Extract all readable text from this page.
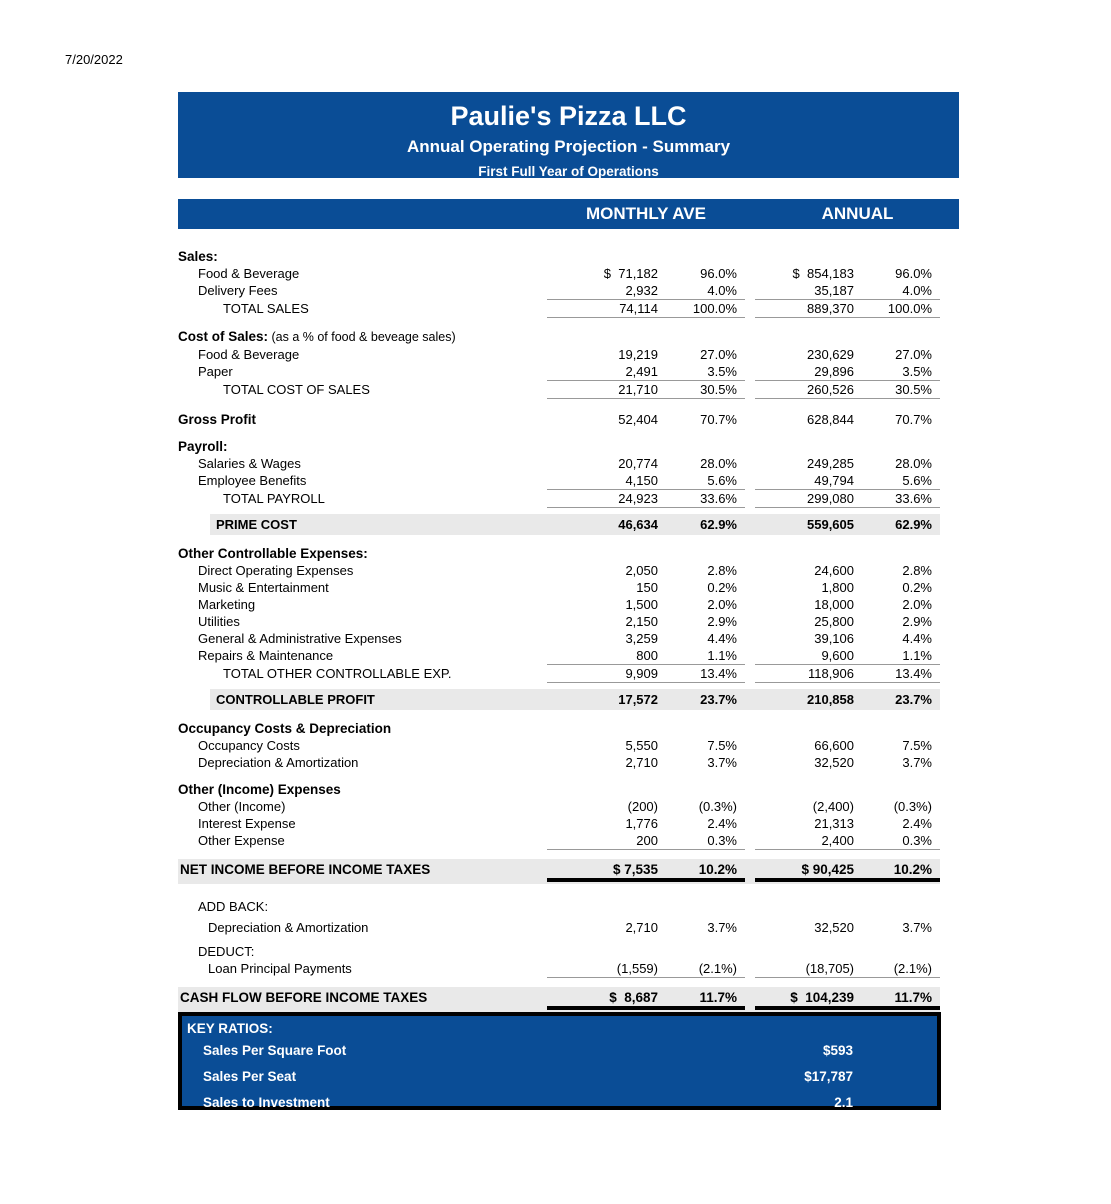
7/20/2022
Paulie's Pizza LLC
Annual Operating Projection - Summary
First Full Year of Operations
MONTHLY AVE	ANNUAL
Sales:
Food & Beverage	$  71,182	96.0%	$  854,183	96.0%
Delivery Fees	2,932	4.0%	35,187	4.0%
TOTAL SALES	74,114	100.0%	889,370	100.0%
Cost of Sales: (as a % of food & beveage sales)
Food & Beverage	19,219	27.0%	230,629	27.0%
Paper	2,491	3.5%	29,896	3.5%
TOTAL COST OF SALES	21,710	30.5%	260,526	30.5%
Gross Profit	52,404	70.7%	628,844	70.7%
Payroll:
Salaries & Wages	20,774	28.0%	249,285	28.0%
Employee Benefits	4,150	5.6%	49,794	5.6%
TOTAL PAYROLL	24,923	33.6%	299,080	33.6%
PRIME COST	46,634	62.9%	559,605	62.9%
Other Controllable Expenses:
Direct Operating Expenses	2,050	2.8%	24,600	2.8%
Music & Entertainment	150	0.2%	1,800	0.2%
Marketing	1,500	2.0%	18,000	2.0%
Utilities	2,150	2.9%	25,800	2.9%
General & Administrative Expenses	3,259	4.4%	39,106	4.4%
Repairs & Maintenance	800	1.1%	9,600	1.1%
TOTAL OTHER CONTROLLABLE EXP.	9,909	13.4%	118,906	13.4%
CONTROLLABLE PROFIT	17,572	23.7%	210,858	23.7%
Occupancy Costs & Depreciation
Occupancy Costs	5,550	7.5%	66,600	7.5%
Depreciation & Amortization	2,710	3.7%	32,520	3.7%
Other (Income) Expenses
Other (Income)	(200)	(0.3%)	(2,400)	(0.3%)
Interest Expense	1,776	2.4%	21,313	2.4%
Other Expense	200	0.3%	2,400	0.3%
NET INCOME BEFORE INCOME TAXES	$ 7,535	10.2%	$ 90,425	10.2%
ADD BACK:
Depreciation & Amortization	2,710	3.7%	32,520	3.7%
DEDUCT:
Loan Principal Payments	(1,559)	(2.1%)	(18,705)	(2.1%)
CASH FLOW BEFORE INCOME TAXES	$  8,687	11.7%	$  104,239	11.7%
KEY RATIOS:
Sales Per Square Foot	$593
Sales Per Seat	$17,787
Sales to Investment	2.1
